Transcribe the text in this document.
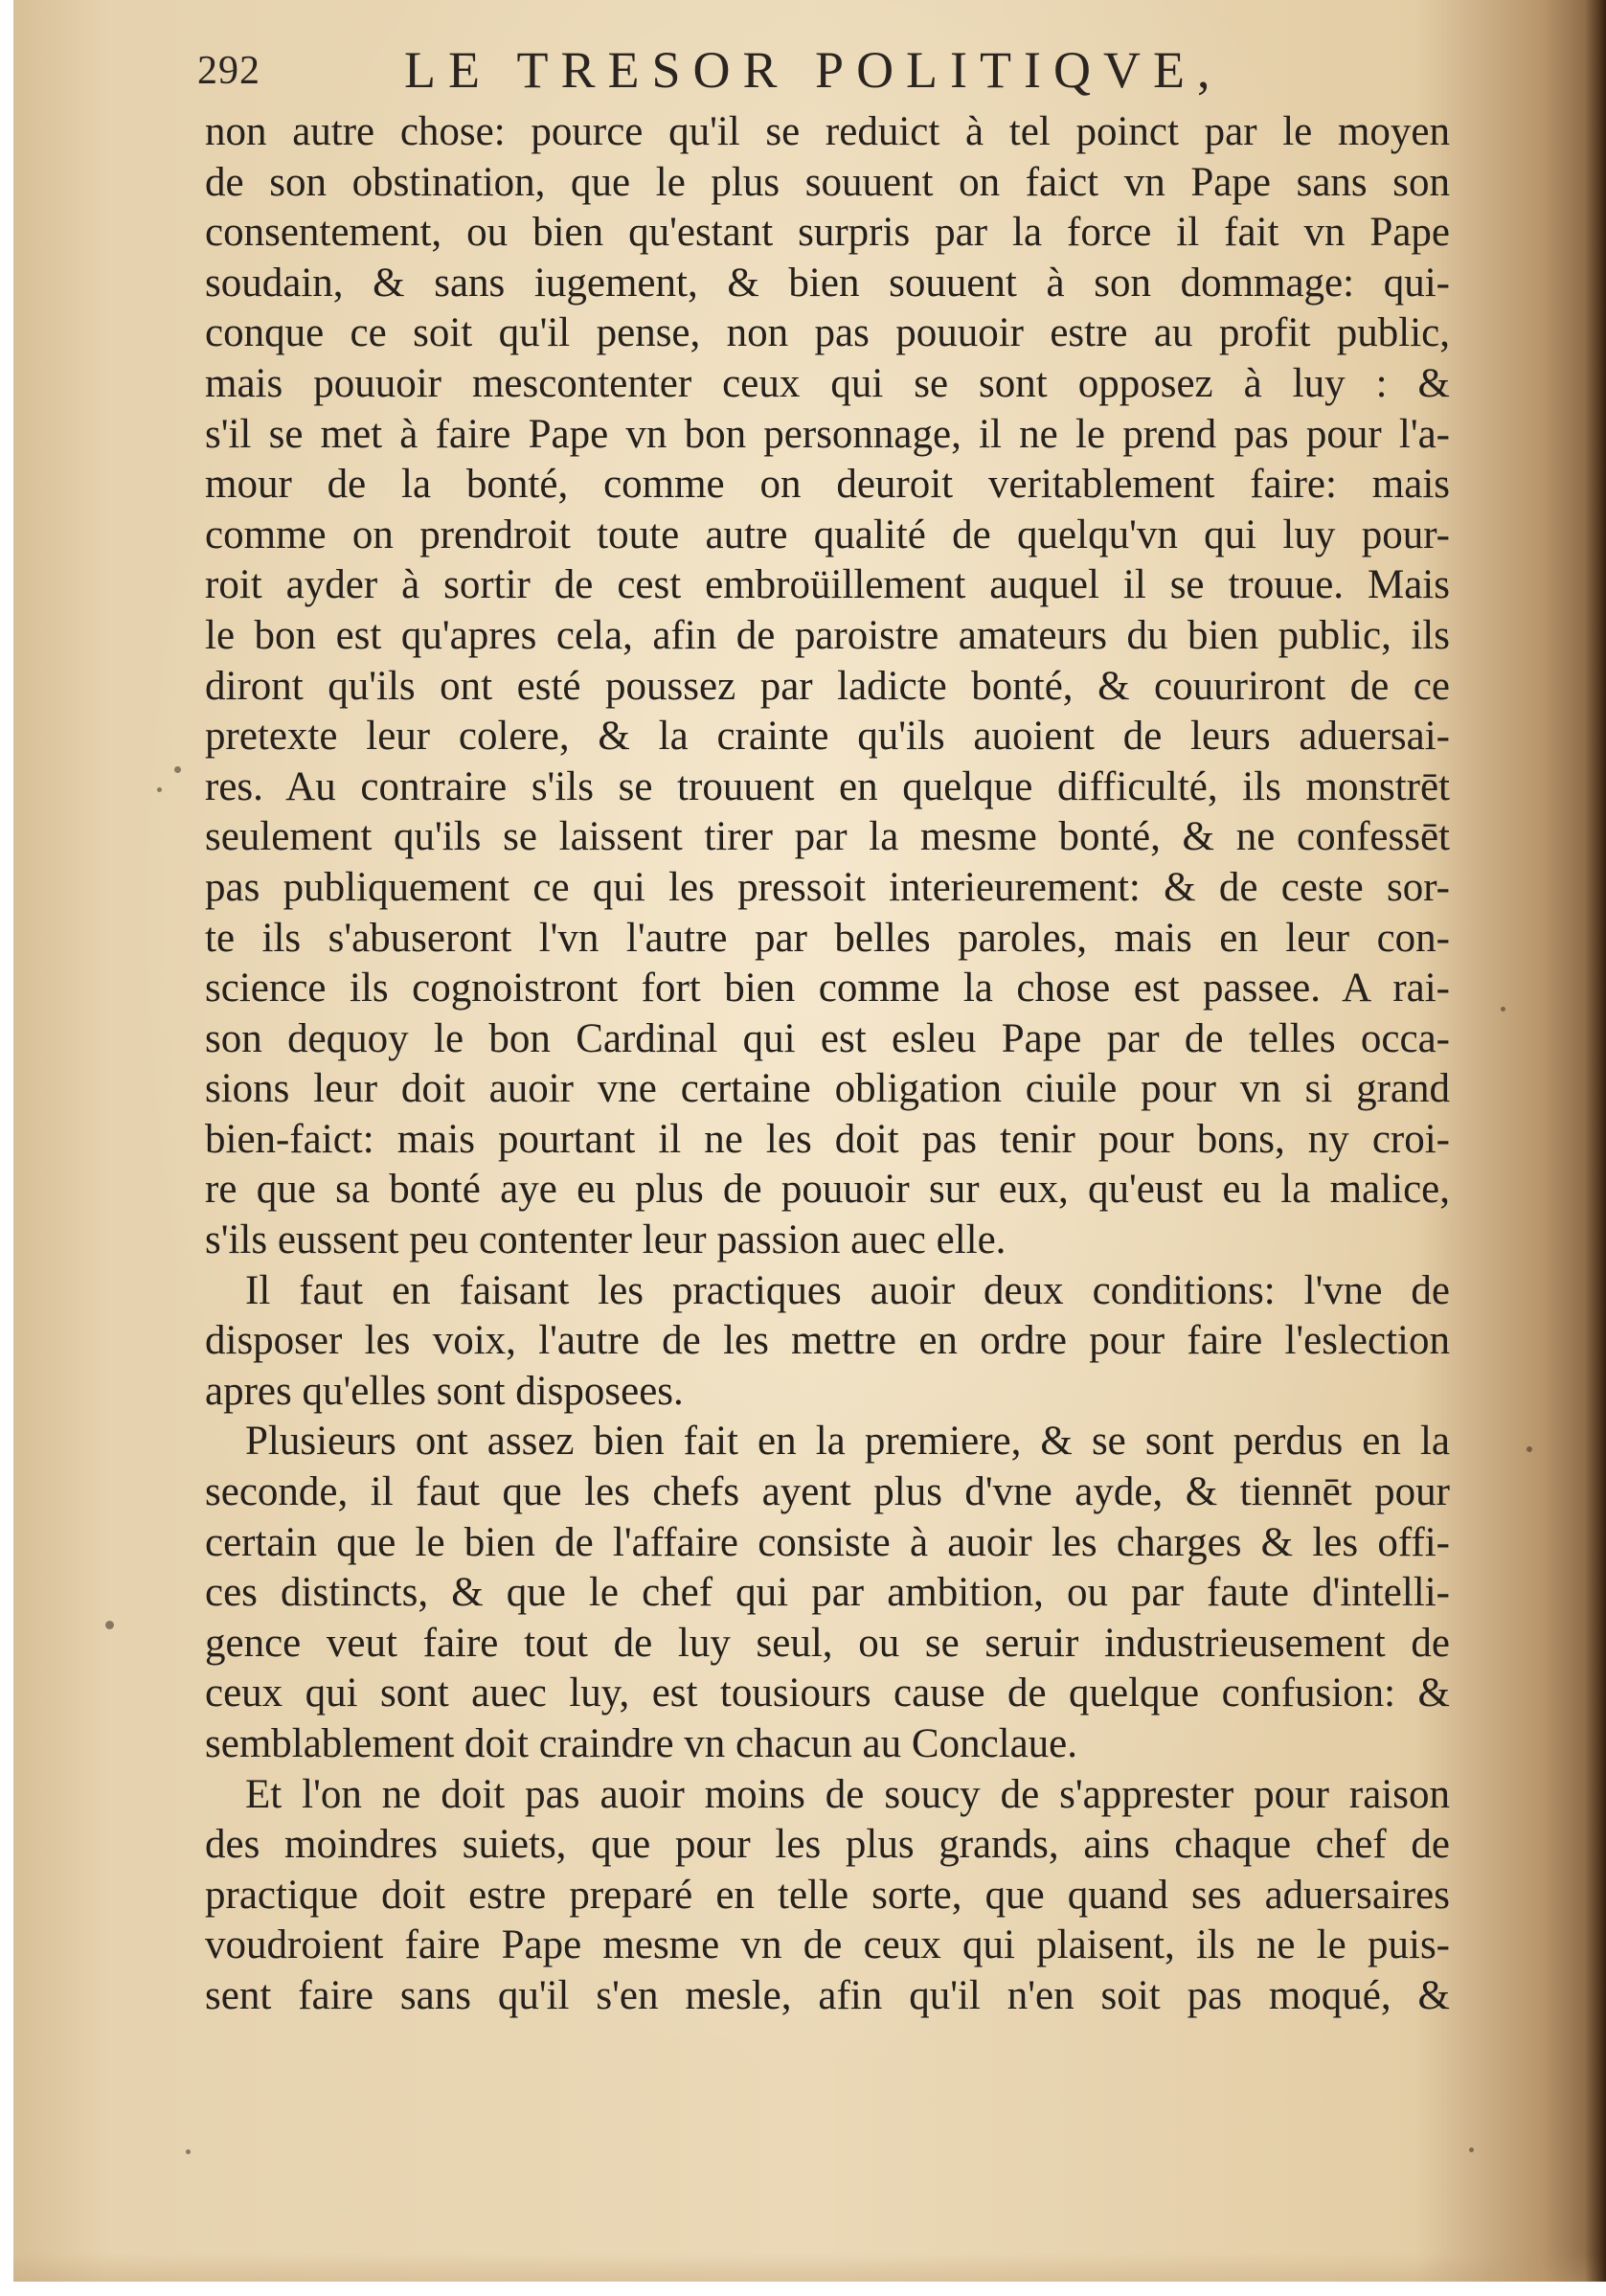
292	LE TRESOR POLITIQVE,
non autre chose: pource qu'il se reduict à tel poinct par le moyen
de son obstination, que le plus souuent on faict vn Pape sans son
consentement, ou bien qu'estant surpris par la force il fait vn Pape
soudain, & sans iugement, & bien souuent à son dommage: qui-
conque ce soit qu'il pense, non pas pouuoir estre au profit public,
mais pouuoir mescontenter ceux qui se sont opposez à luy : &
s'il se met à faire Pape vn bon personnage, il ne le prend pas pour l'a-
mour de la bonté, comme on deuroit veritablement faire: mais
comme on prendroit toute autre qualité de quelqu'vn qui luy pour-
roit ayder à sortir de cest embroüillement auquel il se trouue. Mais
le bon est qu'apres cela, afin de paroistre amateurs du bien public, ils
diront qu'ils ont esté poussez par ladicte bonté, & couuriront de ce
pretexte leur colere, & la crainte qu'ils auoient de leurs aduersai-
res. Au contraire s'ils se trouuent en quelque difficulté, ils monstrēt
seulement qu'ils se laissent tirer par la mesme bonté, & ne confessēt
pas publiquement ce qui les pressoit interieurement: & de ceste sor-
te ils s'abuseront l'vn l'autre par belles paroles, mais en leur con-
science ils cognoistront fort bien comme la chose est passee. A rai-
son dequoy le bon Cardinal qui est esleu Pape par de telles occa-
sions leur doit auoir vne certaine obligation ciuile pour vn si grand
bien-faict: mais pourtant il ne les doit pas tenir pour bons, ny croi-
re que sa bonté aye eu plus de pouuoir sur eux, qu'eust eu la malice,
s'ils eussent peu contenter leur passion auec elle.
Il faut en faisant les practiques auoir deux conditions: l'vne de
disposer les voix, l'autre de les mettre en ordre pour faire l'eslection
apres qu'elles sont disposees.
Plusieurs ont assez bien fait en la premiere, & se sont perdus en la
seconde, il faut que les chefs ayent plus d'vne ayde, & tiennēt pour
certain que le bien de l'affaire consiste à auoir les charges & les offi-
ces distincts, & que le chef qui par ambition, ou par faute d'intelli-
gence veut faire tout de luy seul, ou se seruir industrieusement de
ceux qui sont auec luy, est tousiours cause de quelque confusion: &
semblablement doit craindre vn chacun au Conclaue.
Et l'on ne doit pas auoir moins de soucy de s'apprester pour raison
des moindres suiets, que pour les plus grands, ains chaque chef de
practique doit estre preparé en telle sorte, que quand ses aduersaires
voudroient faire Pape mesme vn de ceux qui plaisent, ils ne le puis-
sent faire sans qu'il s'en mesle, afin qu'il n'en soit pas moqué, &
